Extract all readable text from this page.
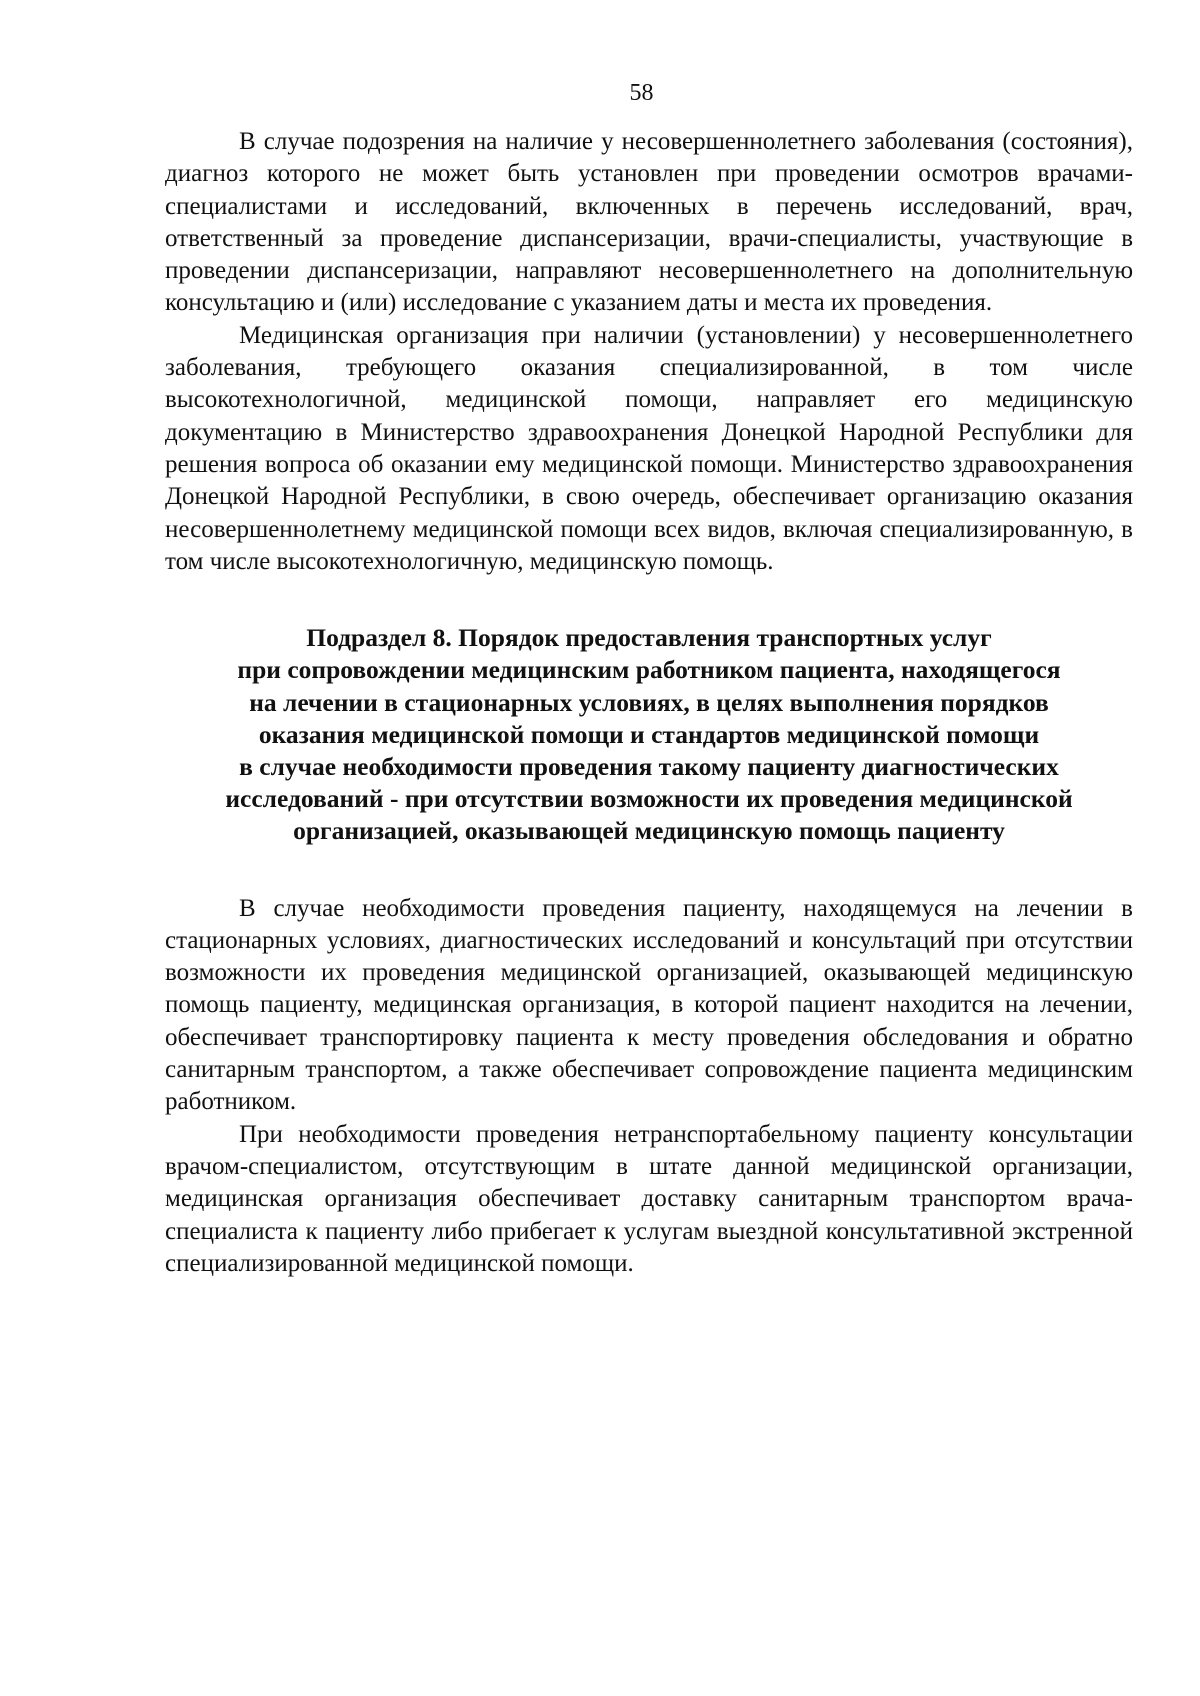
58

В случае подозрения на наличие у несовершеннолетнего заболевания (состояния), диагноз которого не может быть установлен при проведении осмотров врачами-специалистами и исследований, включенных в перечень исследований, врач, ответственный за проведение диспансеризации, врачи-специалисты, участвующие в проведении диспансеризации, направляют несовершеннолетнего на дополнительную консультацию и (или) исследование с указанием даты и места их проведения.

Медицинская организация при наличии (установлении) у несовершеннолетнего заболевания, требующего оказания специализированной, в том числе высокотехнологичной, медицинской помощи, направляет его медицинскую документацию в Министерство здравоохранения Донецкой Народной Республики для решения вопроса об оказании ему медицинской помощи. Министерство здравоохранения Донецкой Народной Республики, в свою очередь, обеспечивает организацию оказания несовершеннолетнему медицинской помощи всех видов, включая специализированную, в том числе высокотехнологичную, медицинскую помощь.

Подраздел 8. Порядок предоставления транспортных услуг
при сопровождении медицинским работником пациента, находящегося
на лечении в стационарных условиях, в целях выполнения порядков
оказания медицинской помощи и стандартов медицинской помощи
в случае необходимости проведения такому пациенту диагностических
исследований - при отсутствии возможности их проведения медицинской
организацией, оказывающей медицинскую помощь пациенту

В случае необходимости проведения пациенту, находящемуся на лечении в стационарных условиях, диагностических исследований и консультаций при отсутствии возможности их проведения медицинской организацией, оказывающей медицинскую помощь пациенту, медицинская организация, в которой пациент находится на лечении, обеспечивает транспортировку пациента к месту проведения обследования и обратно санитарным транспортом, а также обеспечивает сопровождение пациента медицинским работником.

При необходимости проведения нетранспортабельному пациенту консультации врачом-специалистом, отсутствующим в штате данной медицинской организации, медицинская организация обеспечивает доставку санитарным транспортом врача-специалиста к пациенту либо прибегает к услугам выездной консультативной экстренной специализированной медицинской помощи.
